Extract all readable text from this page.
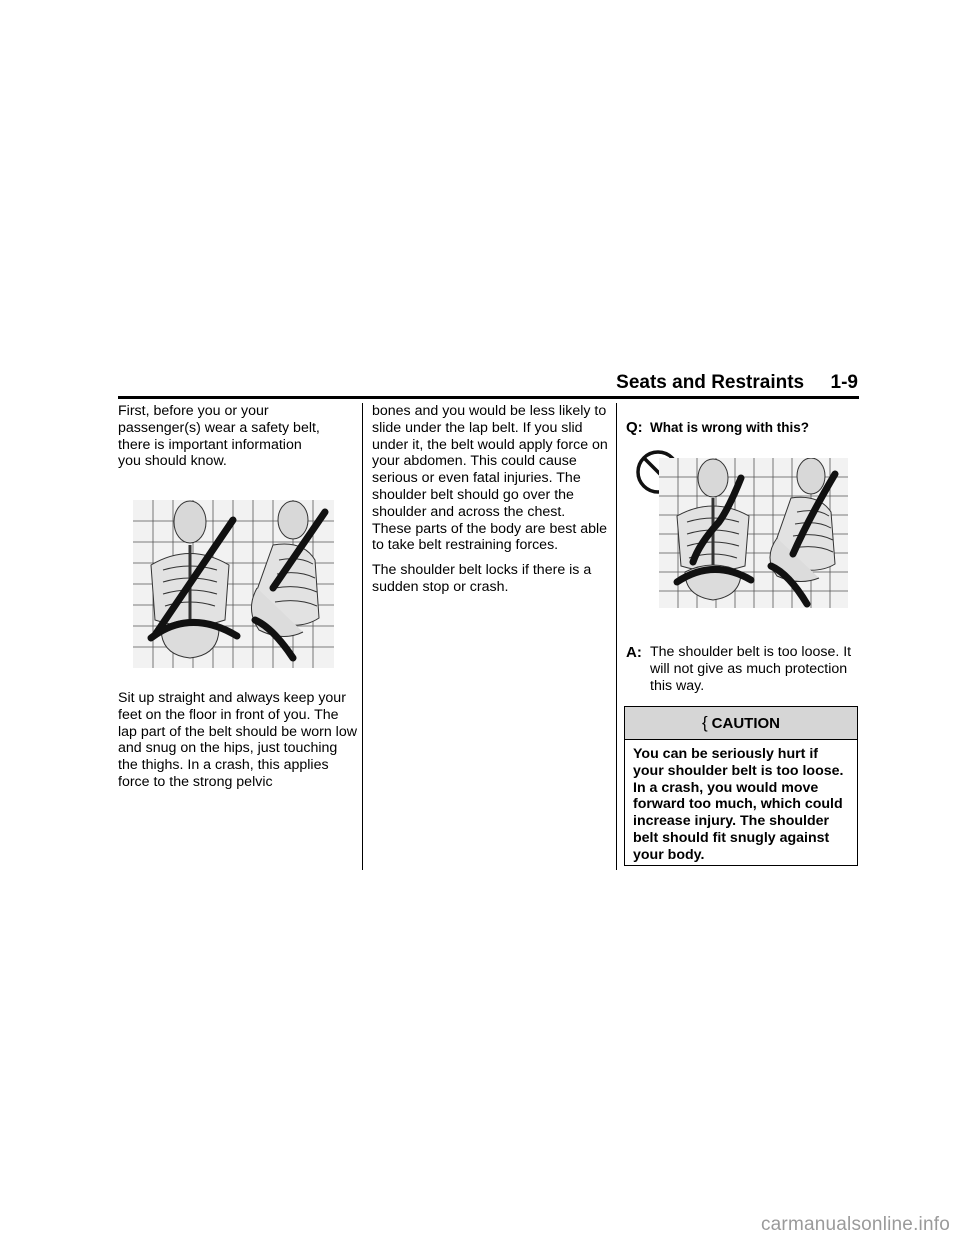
Seats and Restraints 1-9

First, before you or your passenger(s) wear a safety belt, there is important information you should know.

Sit up straight and always keep your feet on the floor in front of you. The lap part of the belt should be worn low and snug on the hips, just touching the thighs. In a crash, this applies force to the strong pelvic

bones and you would be less likely to slide under the lap belt. If you slid under it, the belt would apply force on your abdomen. This could cause serious or even fatal injuries. The shoulder belt should go over the shoulder and across the chest. These parts of the body are best able to take belt restraining forces.

The shoulder belt locks if there is a sudden stop or crash.

Q: What is wrong with this?
A: The shoulder belt is too loose. It will not give as much protection this way.
{ CAUTION
You can be seriously hurt if your shoulder belt is too loose. In a crash, you would move forward too much, which could increase injury. The shoulder belt should fit snugly against your body.
carmanualsonline.info
